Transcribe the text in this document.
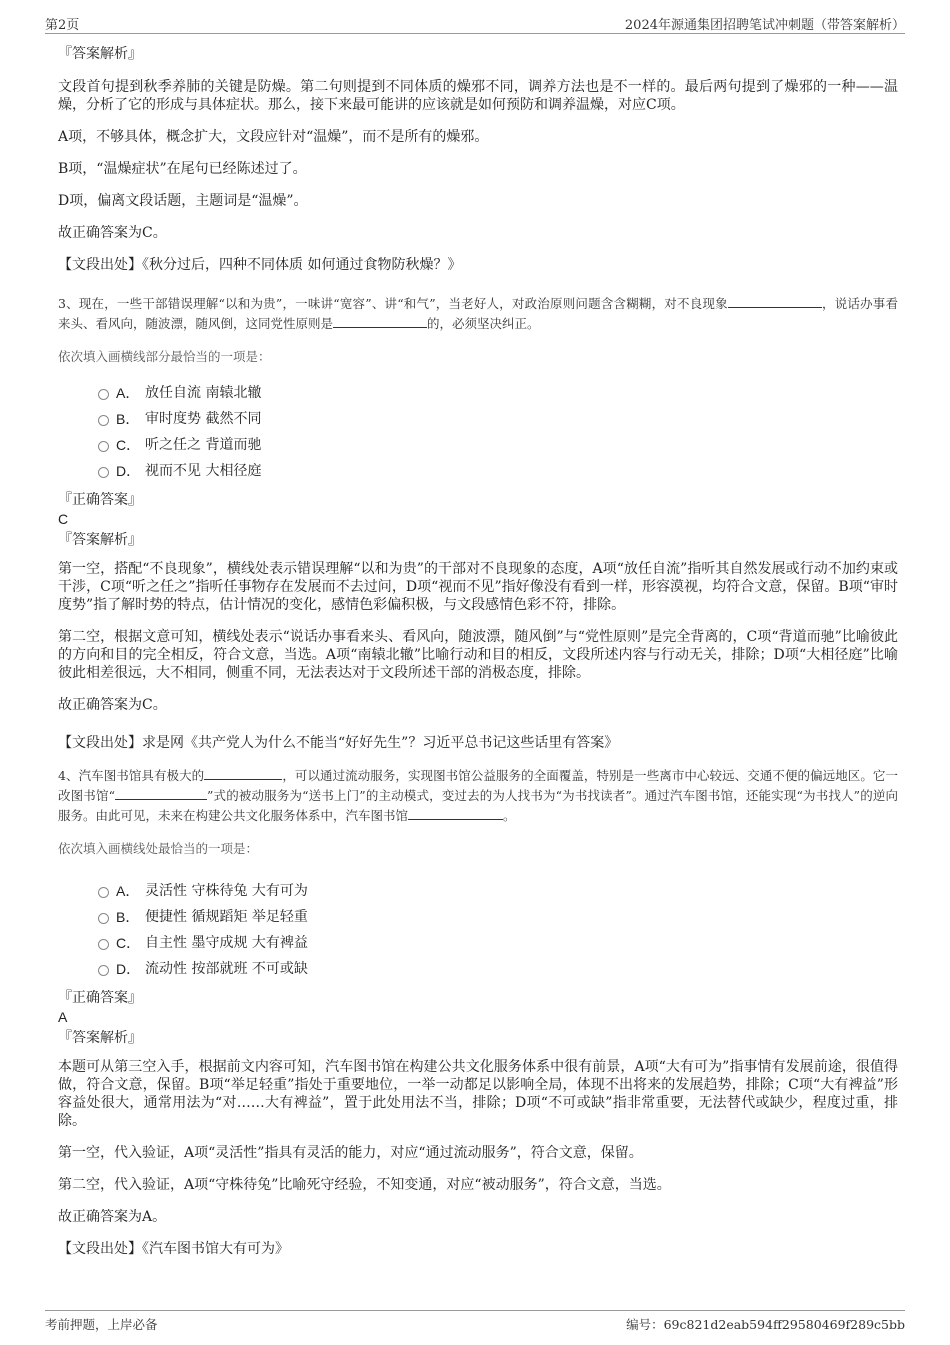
第2页	2024年源通集团招聘笔试冲刺题（带答案解析）
『答案解析』
文段首句提到秋季养肺的关键是防燥。第二句则提到不同体质的燥邪不同，调养方法也是不一样的。最后两句提到了燥邪的一种——温燥，分析了它的形成与具体症状。那么，接下来最可能讲的应该就是如何预防和调养温燥，对应C项。
A项，不够具体，概念扩大，文段应针对“温燥”，而不是所有的燥邪。
B项，“温燥症状”在尾句已经陈述过了。
D项，偏离文段话题，主题词是“温燥”。
故正确答案为C。
【文段出处】《秋分过后，四种不同体质 如何通过食物防秋燥？》
3、现在，一些干部错误理解“以和为贵”，一味讲“宽容”、讲“和气”，当老好人，对政治原则问题含含糊糊，对不良现象	，说话办事看来头、看风向，随波漂，随风倒，这同党性原则是	的，必须坚决纠正。
依次填入画横线部分最恰当的一项是：
A． 放任自流 南辕北辙
B． 审时度势 截然不同
C． 听之任之 背道而驰
D． 视而不见 大相径庭
『正确答案』
C
『答案解析』
第一空，搭配“不良现象”，横线处表示错误理解“以和为贵”的干部对不良现象的态度，A项“放任自流”指听其自然发展或行动不加约束或干涉，C项“听之任之”指听任事物存在发展而不去过问，D项“视而不见”指好像没有看到一样，形容漠视，均符合文意，保留。B项“审时度势”指了解时势的特点，估计情况的变化，感情色彩偏积极，与文段感情色彩不符，排除。
第二空，根据文意可知，横线处表示“说话办事看来头、看风向，随波漂，随风倒”与“党性原则”是完全背离的，C项“背道而驰”比喻彼此的方向和目的完全相反，符合文意，当选。A项“南辕北辙”比喻行动和目的相反，文段所述内容与行动无关，排除；D项“大相径庭”比喻彼此相差很远，大不相同，侧重不同，无法表达对于文段所述干部的消极态度，排除。
故正确答案为C。
【文段出处】求是网《共产党人为什么不能当“好好先生”？习近平总书记这些话里有答案》
4、汽车图书馆具有极大的	，可以通过流动服务，实现图书馆公益服务的全面覆盖，特别是一些离市中心较远、交通不便的偏远地区。它一改图书馆“	”式的被动服务为“送书上门”的主动模式，变过去的为人找书为“为书找读者”。通过汽车图书馆，还能实现“为书找人”的逆向服务。由此可见，未来在构建公共文化服务体系中，汽车图书馆	。
依次填入画横线处最恰当的一项是：
A． 灵活性 守株待兔 大有可为
B． 便捷性 循规蹈矩 举足轻重
C． 自主性 墨守成规 大有裨益
D． 流动性 按部就班 不可或缺
『正确答案』
A
『答案解析』
本题可从第三空入手，根据前文内容可知，汽车图书馆在构建公共文化服务体系中很有前景，A项“大有可为”指事情有发展前途，很值得做，符合文意，保留。B项“举足轻重”指处于重要地位，一举一动都足以影响全局，体现不出将来的发展趋势，排除；C项“大有裨益”形容益处很大，通常用法为“对……大有裨益”，置于此处用法不当，排除；D项“不可或缺”指非常重要，无法替代或缺少，程度过重，排除。
第一空，代入验证，A项“灵活性”指具有灵活的能力，对应“通过流动服务”，符合文意，保留。
第二空，代入验证，A项“守株待兔”比喻死守经验，不知变通，对应“被动服务”，符合文意，当选。
故正确答案为A。
【文段出处】《汽车图书馆大有可为》
考前押题，上岸必备	编号：69c821d2eab594ff29580469f289c5bb
